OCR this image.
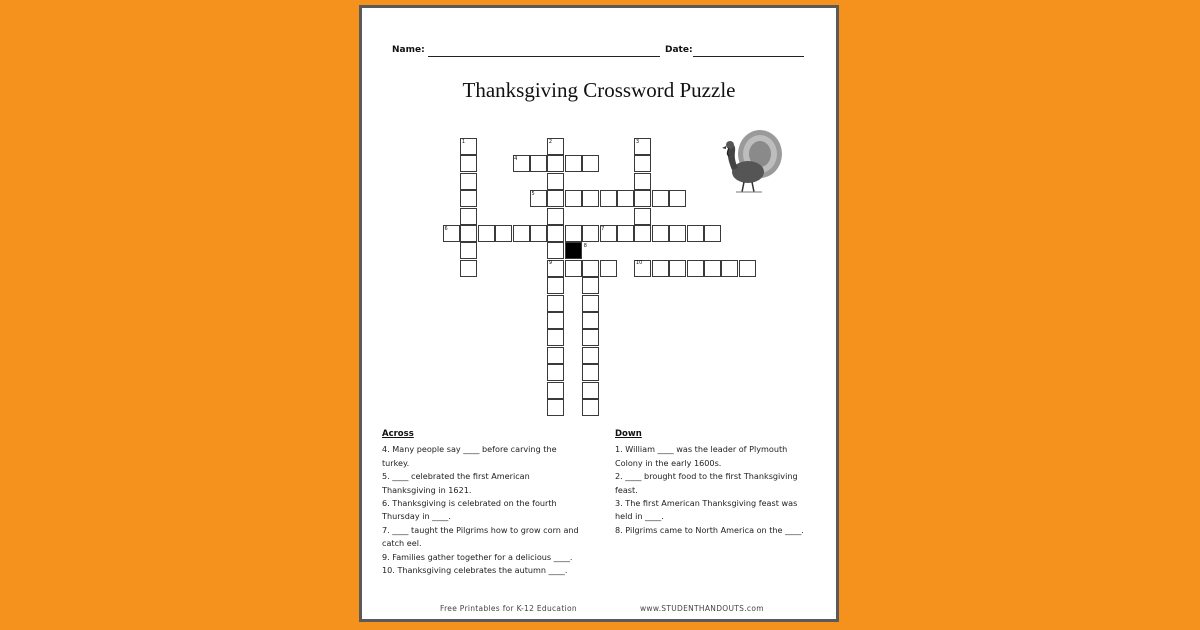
Name:	Date:
Thanksgiving Crossword Puzzle
1	2	3
4
5
6	7
8
9	10
Across

4. Many people say ____ before carving the turkey.

5. ____ celebrated the first American Thanksgiving in 1621.

6. Thanksgiving is celebrated on the fourth Thursday in ____.

7. ____ taught the Pilgrims how to grow corn and catch eel.

9. Families gather together for a delicious ____.

10. Thanksgiving celebrates the autumn ____.

Down

1. William ____ was the leader of Plymouth Colony in the early 1600s.

2. ____ brought food to the first Thanksgiving feast.

3. The first American Thanksgiving feast was held in ____.

8. Pilgrims came to North America on the ____.

Free Printables for K-12 Education	www.STUDENTHANDOUTS.com
